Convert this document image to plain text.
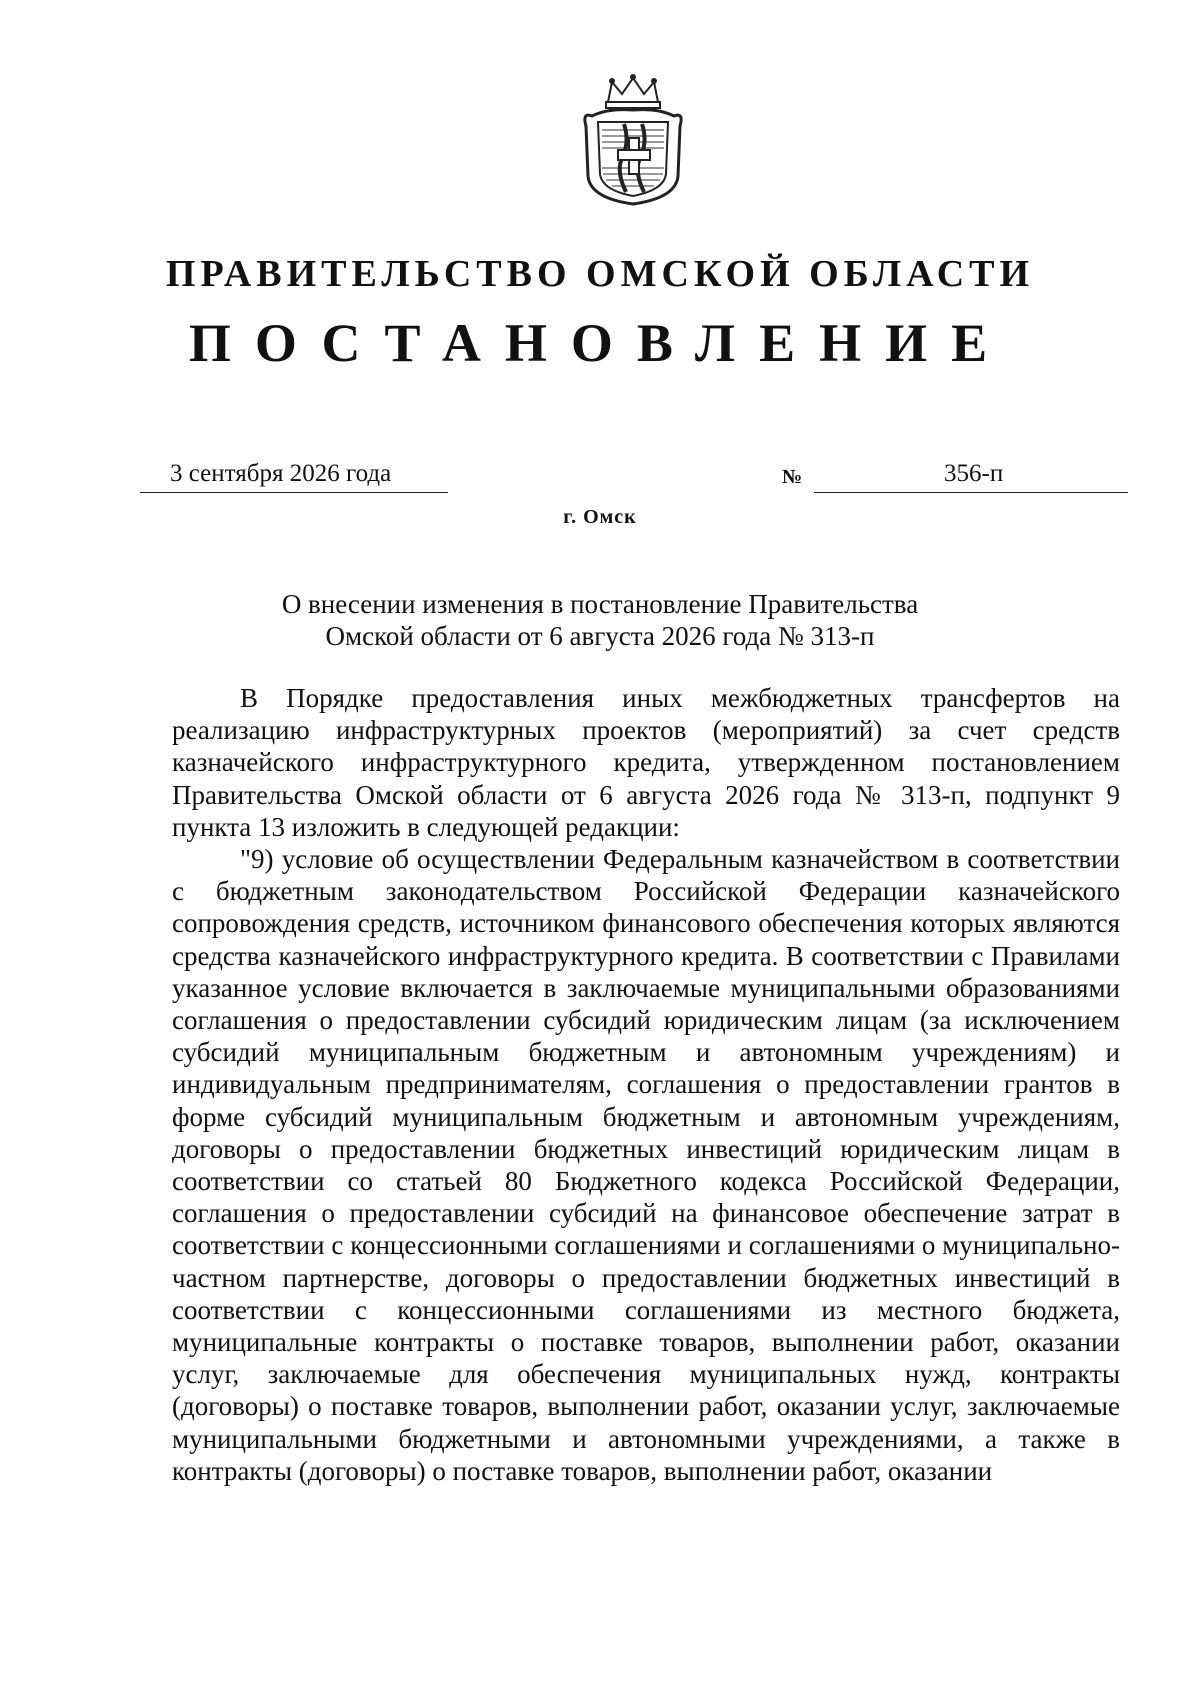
ПРАВИТЕЛЬСТВО ОМСКОЙ ОБЛАСТИ
ПОСТАНОВЛЕНИЕ
3 сентября 2026 года	№	356-п
г. Омск
О внесении изменения в постановление Правительства
Омской области от 6 августа 2026 года № 313-п

В Порядке предоставления иных межбюджетных трансфертов на реализацию инфраструктурных проектов (мероприятий) за счет средств казначейского инфраструктурного кредита, утвержденном постановлением Правительства Омской области от 6 августа 2026 года № 313-п, подпункт 9 пункта 13 изложить в следующей редакции:

"9) условие об осуществлении Федеральным казначейством в соответствии с бюджетным законодательством Российской Федерации казначейского сопровождения средств, источником финансового обеспечения которых являются средства казначейского инфраструктурного кредита. В соответствии с Правилами указанное условие включается в заключаемые муниципальными образованиями соглашения о предоставлении субсидий юридическим лицам (за исключением субсидий муниципальным бюджетным и автономным учреждениям) и индивидуальным предпринимателям, соглашения о предоставлении грантов в форме субсидий муниципальным бюджетным и автономным учреждениям, договоры о предоставлении бюджетных инвестиций юридическим лицам в соответствии со статьей 80 Бюджетного кодекса Российской Федерации, соглашения о предоставлении субсидий на финансовое обеспечение затрат в соответствии с концессионными соглашениями и соглашениями о муниципально-частном партнерстве, договоры о предоставлении бюджетных инвестиций в соответствии с концессионными соглашениями из местного бюджета, муниципальные контракты о поставке товаров, выполнении работ, оказании услуг, заключаемые для обеспечения муниципальных нужд, контракты (договоры) о поставке товаров, выполнении работ, оказании услуг, заключаемые муниципальными бюджетными и автономными учреждениями, а также в контракты (договоры) о поставке товаров, выполнении работ, оказании
